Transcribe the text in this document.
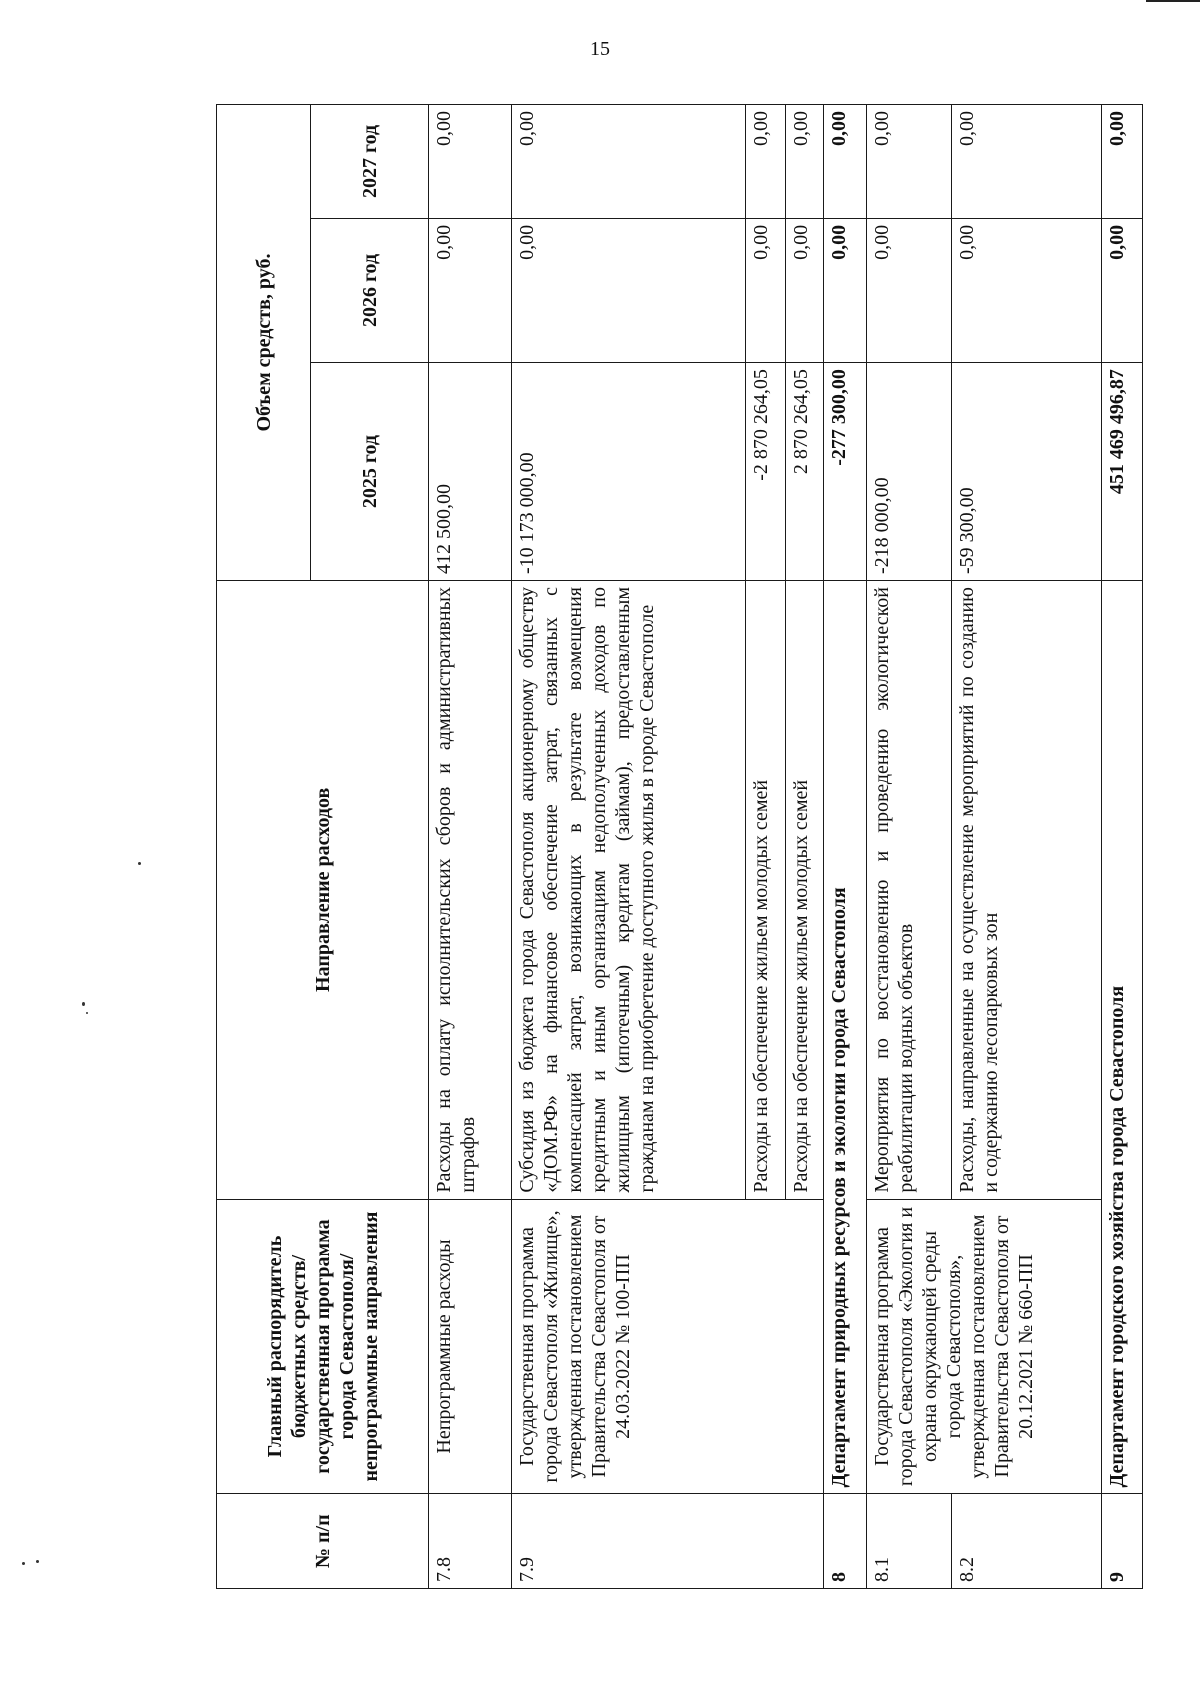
15
№ п/п	Главный распорядитель бюджетных средств/государственная программа города Севастополя/непрограммные направления	Направление расходов	Объем средств, руб.		
			2025 год	2026 год	2027 год
7.8	Непрограммные расходы	Расходы на оплату исполнительских сборов и административных штрафов	412 500,00	0,00	0,00
7.9	Государственная программа города Севастополя «Жилище», утвержденная постановлением Правительства Севастополя от 24.03.2022 № 100-ПП	Субсидия из бюджета города Севастополя акционерному обществу «ДОМ.РФ» на финансовое обеспечение затрат, связанных с компенсацией затрат, возникающих в результате возмещения кредитным и иным организациям недополученных доходов по жилищным (ипотечным) кредитам (займам), предоставленным гражданам на приобретение доступного жилья в городе Севастополе	-10 173 000,00	0,00	0,00
		Расходы на обеспечение жильем молодых семей	-2 870 264,05	0,00	0,00
		Расходы на обеспечение жильем молодых семей	2 870 264,05	0,00	0,00
8	Департамент природных ресурсов и экологии города Севастополя		-277 300,00	0,00	0,00
8.1	Государственная программа города Севастополя «Экология и охрана окружающей среды города Севастополя», утвержденная постановлением Правительства Севастополя от 20.12.2021 № 660-ПП	Мероприятия по восстановлению и проведению экологической реабилитации водных объектов	-218 000,00	0,00	0,00
8.2		Расходы, направленные на осуществление мероприятий по созданию и содержанию лесопарковых зон	-59 300,00	0,00	0,00
9	Департамент городского хозяйства города Севастополя		451 469 496,87	0,00	0,00
